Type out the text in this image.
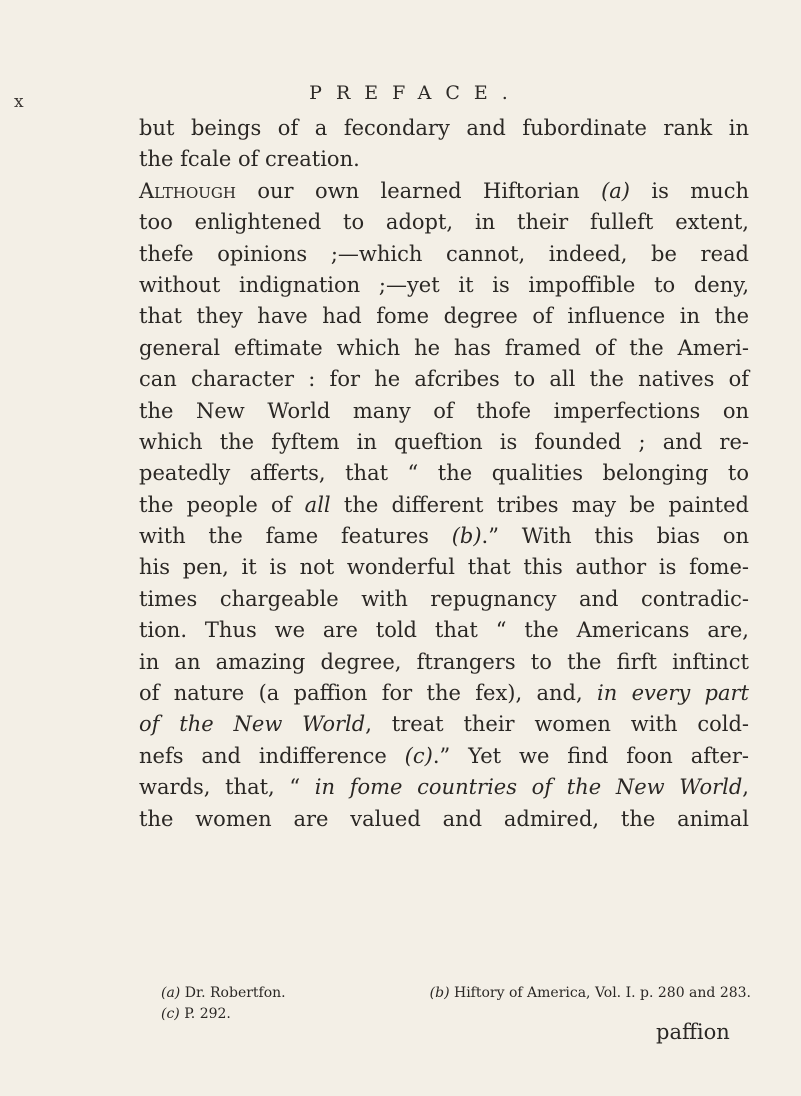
x	PREFACE.
but beings of a fecondary and fubordinate rank in
the fcale of creation.
Although our own learned Hiftorian (a) is much
too enlightened to adopt, in their fulleft extent,
thefe opinions ;—which cannot, indeed, be read
without indignation ;—yet it is impoffible to deny,
that they have had fome degree of influence in the
general eftimate which he has framed of the Ameri-
can character : for he afcribes to all the natives of
the New World many of thofe imperfections on
which the fyftem in queftion is founded ; and re-
peatedly afferts, that “ the qualities belonging to
the people of all the different tribes may be painted
with the fame features (b).” With this bias on
his pen, it is not wonderful that this author is fome-
times chargeable with repugnancy and contradic-
tion. Thus we are told that “ the Americans are,
in an amazing degree, ftrangers to the firft inftinct
of nature (a paffion for the fex), and, in every part
of the New World, treat their women with cold-
nefs and indifference (c).” Yet we find foon after-
wards, that, “ in fome countries of the New World,
the women are valued and admired, the animal
(a) Dr. Robertfon.	(b) Hiftory of America, Vol. I. p. 280 and 283.
(c) P. 292.
paffion
